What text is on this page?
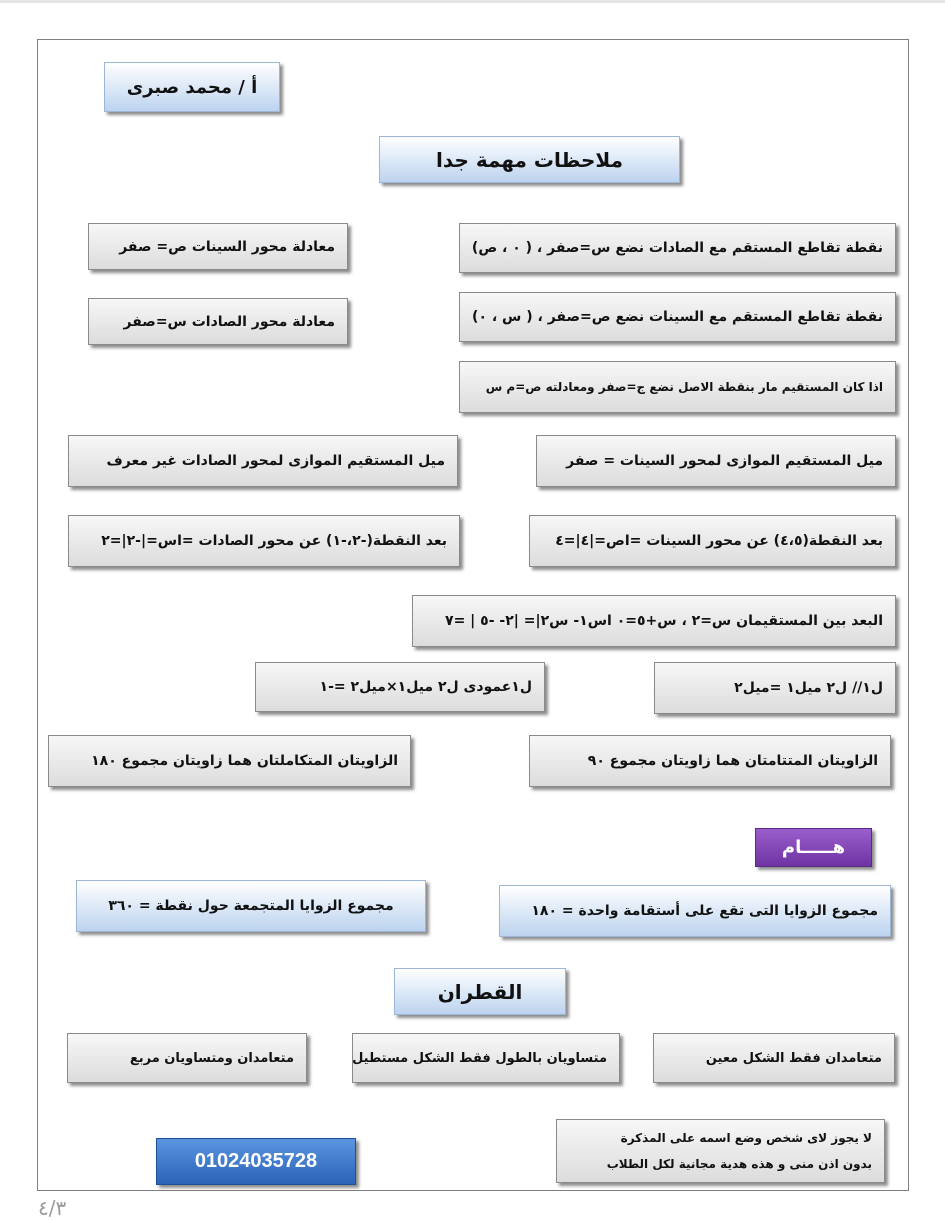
أ / محمد صبرى
ملاحظات مهمة جدا
نقطة تقاطع المستقم مع الصادات نضع س=صفر ، ( ٠ ، ص)
معادلة محور السينات ص= صفر
نقطة تقاطع المستقم مع السينات نضع ص=صفر ، ( س ، ٠)
معادلة محور الصادات س=صفر
اذا كان المستقيم مار بنقطة الاصل نضع ج=صفر ومعادلته ص=م س
ميل المستقيم الموازى لمحور السينات = صفر
ميل المستقيم الموازى لمحور الصادات غير معرف
بعد النقطة(٤،٥) عن محور السينات =اص=|٤|=٤
بعد النقطة(-٢،-١) عن محور الصادات =اس=|-٢|=٢
البعد بين المستقيمان س=٢ ، س+٥=٠ اس١- س٢|= |٢- -٥ | =٧
ل١// ل٢ ميل١ =ميل٢
ل١عمودى ل٢ ميل١×ميل٢ =-١
الزاويتان المتتامتان هما زاويتان مجموع ٩٠
الزاويتان المتكاملتان هما زاويتان مجموع ١٨٠
هـــــام
مجموع الزوايا التى تقع على أستقامة واحدة = ١٨٠
مجموع الزوايا المتجمعة حول نقطة = ٣٦٠
القطران
متعامدان فقط الشكل معين
متساويان بالطول فقط الشكل مستطيل
متعامدان ومتساويان مربع
لا يجوز لاى شخص وضع اسمه على المذكرة
بدون اذن منى و هذه هدية مجانية لكل الطلاب
01024035728
٤/٣
